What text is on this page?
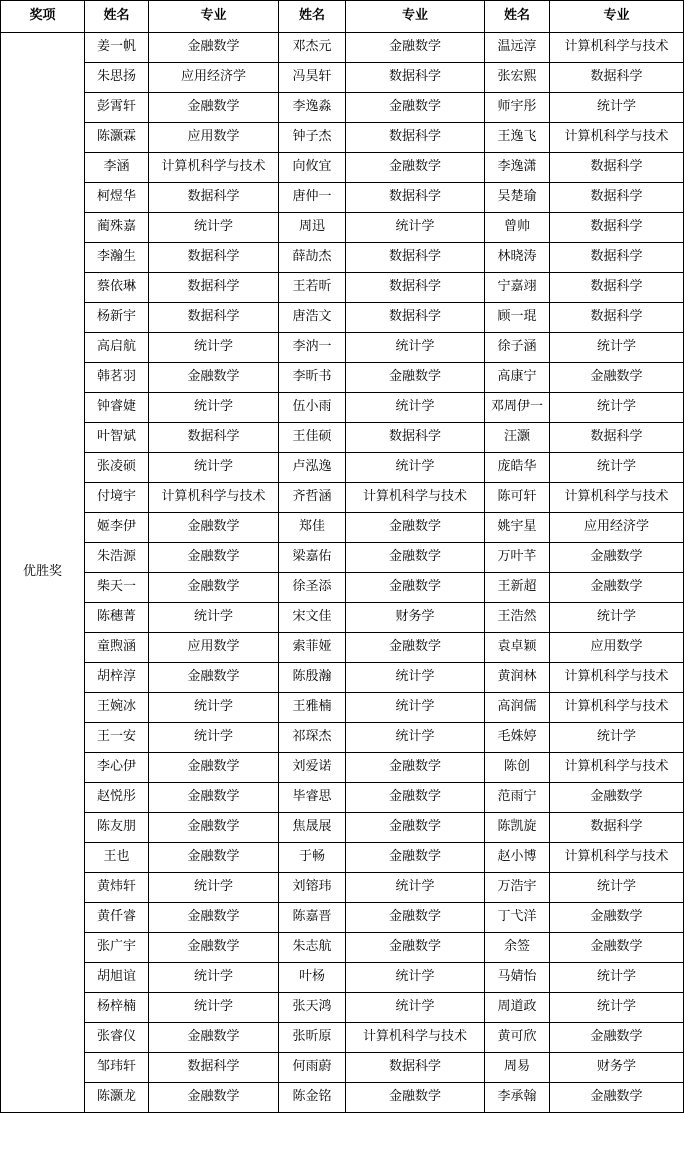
奖项	姓名	专业	姓名	专业	姓名	专业
优胜奖	姜一帆	金融数学	邓杰元	金融数学	温远淳	计算机科学与技术
	朱思扬	应用经济学	冯昊轩	数据科学	张宏熙	数据科学
	彭霄轩	金融数学	李逸淼	金融数学	师宇彤	统计学
	陈灏霖	应用数学	钟子杰	数据科学	王逸飞	计算机科学与技术
	李涵	计算机科学与技术	向攸宜	金融数学	李逸潇	数据科学
	柯煜华	数据科学	唐仲一	数据科学	吴楚瑜	数据科学
	蔺殊嘉	统计学	周迅	统计学	曾帅	数据科学
	李瀚生	数据科学	薛劼杰	数据科学	林晓涛	数据科学
	蔡依琳	数据科学	王若昕	数据科学	宁嘉翊	数据科学
	杨新宇	数据科学	唐浩文	数据科学	顾一琨	数据科学
	高启航	统计学	李汭一	统计学	徐子涵	统计学
	韩茗羽	金融数学	李昕书	金融数学	高康宁	金融数学
	钟睿婕	统计学	伍小雨	统计学	邓周伊一	统计学
	叶智斌	数据科学	王佳硕	数据科学	汪灏	数据科学
	张凌硕	统计学	卢泓逸	统计学	庞皓华	统计学
	付境宇	计算机科学与技术	齐哲涵	计算机科学与技术	陈可轩	计算机科学与技术
	姬李伊	金融数学	郑佳	金融数学	姚宇星	应用经济学
	朱浩源	金融数学	梁嘉佑	金融数学	万叶芊	金融数学
	柴天一	金融数学	徐圣添	金融数学	王新超	金融数学
	陈穗菁	统计学	宋文佳	财务学	王浩然	统计学
	童煦涵	应用数学	索菲娅	金融数学	袁卓颖	应用数学
	胡梓淳	金融数学	陈殷瀚	统计学	黄润林	计算机科学与技术
	王婉冰	统计学	王雅楠	统计学	高润儒	计算机科学与技术
	王一安	统计学	祁琛杰	统计学	毛姝婷	统计学
	李心伊	金融数学	刘爱诺	金融数学	陈创	计算机科学与技术
	赵悦彤	金融数学	毕睿思	金融数学	范雨宁	金融数学
	陈友朋	金融数学	焦晟展	金融数学	陈凯旋	数据科学
	王也	金融数学	于畅	金融数学	赵小博	计算机科学与技术
	黄炜轩	统计学	刘镕玮	统计学	万浩宇	统计学
	黄仟睿	金融数学	陈嘉晋	金融数学	丁弋洋	金融数学
	张广宇	金融数学	朱志航	金融数学	余签	金融数学
	胡旭谊	统计学	叶杨	统计学	马婧怡	统计学
	杨梓楠	统计学	张天鸿	统计学	周道政	统计学
	张睿仪	金融数学	张昕原	计算机科学与技术	黄可欣	金融数学
	邹玮轩	数据科学	何雨蔚	数据科学	周易	财务学
	陈灏龙	金融数学	陈金铭	金融数学	李承翰	金融数学
